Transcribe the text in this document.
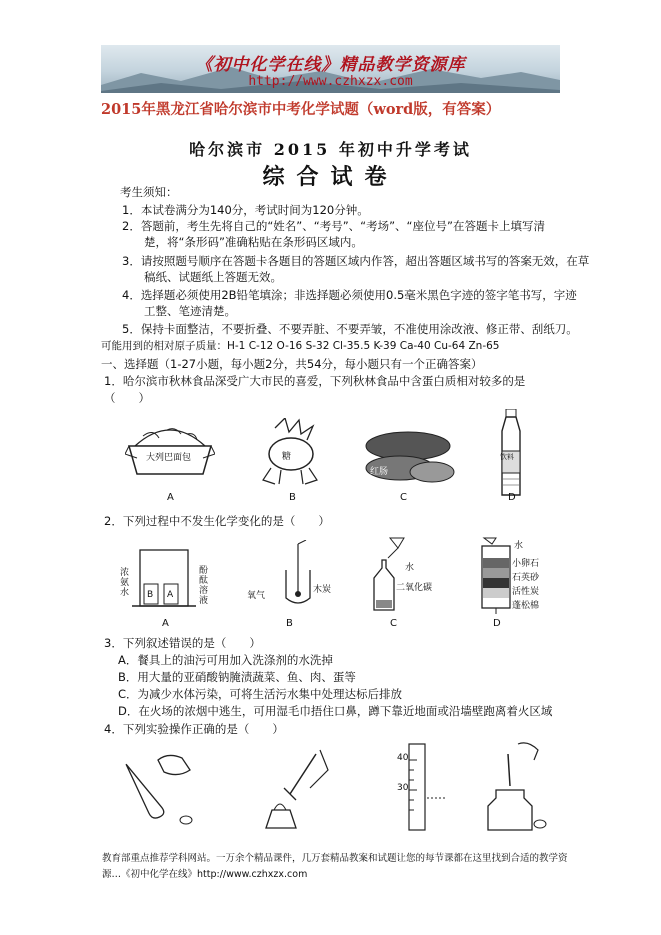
《初中化学在线》精品教学资源库
http://www.czhxzx.com
2015年黑龙江省哈尔滨市中考化学试题（word版，有答案）
哈尔滨市 2015 年初中升学考试
综合试卷
考生须知：
1．本试卷满分为140分，考试时间为120分钟。
2．答题前，考生先将自己的“姓名”、“考号”、“考场”、“座位号”在答题卡上填写清
楚，将“条形码”准确粘贴在条形码区域内。
3．请按照题号顺序在答题卡各题目的答题区域内作答，超出答题区域书写的答案无效，在草
稿纸、试题纸上答题无效。
4．选择题必须使用2B铅笔填涂；非选择题必须使用0.5毫米黑色字迹的签字笔书写，字迹
工整、笔迹清楚。
5．保持卡面整洁，不要折叠、不要弄脏、不要弄皱，不准使用涂改液、修正带、刮纸刀。
可能用到的相对原子质量：H-1 C-12 O-16 S-32 Cl-35.5 K-39 Ca-40 Cu-64 Zn-65
一、选择题（1-27小题，每小题2分，共54分，每小题只有一个正确答案）
1．哈尔滨市秋林食品深受广大市民的喜爱，下列秋林食品中含蛋白质相对较多的是
（　　）
大列巴面包	糖
红肠
饮料
A	B	C	D
2．下列过程中不发生化学变化的是（　　）
浓氨水
酚酞溶液
B A	氧气
木炭
水
二氧化碳
水
小卵石
石英砂
活性炭
蓬松棉
A	B	C	D
3．下列叙述错误的是（　　）
A．餐具上的油污可用加入洗涤剂的水洗掉
B．用大量的亚硝酸钠腌渍蔬菜、鱼、肉、蛋等
C．为减少水体污染，可将生活污水集中处理达标后排放
D．在火场的浓烟中逃生，可用湿毛巾捂住口鼻，蹲下靠近地面或沿墙壁跑离着火区域
4．下列实验操作正确的是（　　）
40
30
教育部重点推荐学科网站。一万余个精品课件，几万套精品教案和试题让您的每节课都在这里找到合适的教学资源…《初中化学在线》http://www.czhxzx.com
